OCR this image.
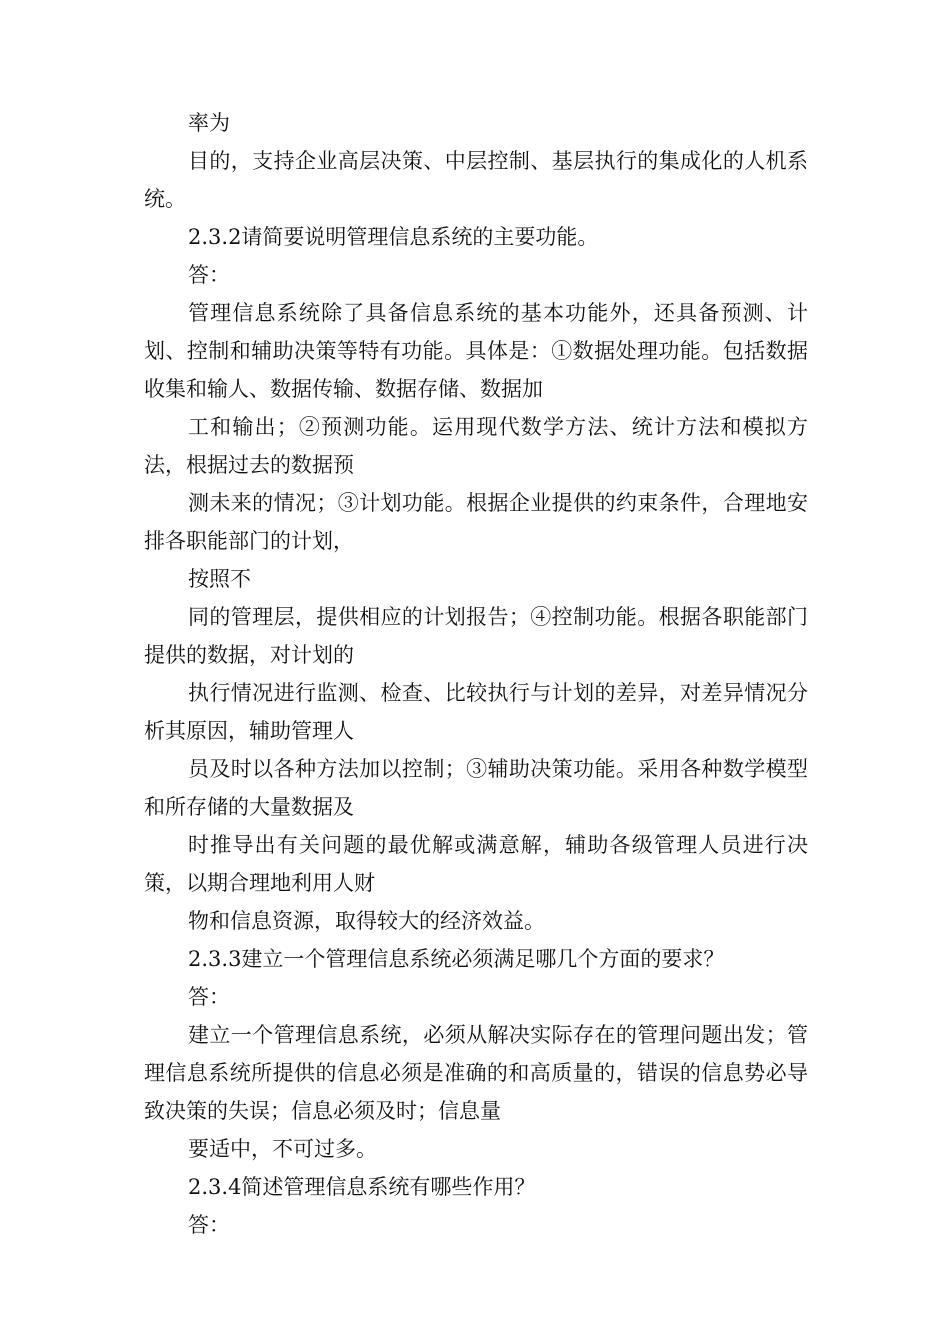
率为

目的，支持企业高层决策、中层控制、基层执行的集成化的人机系统。

2.3.2请简要说明管理信息系统的主要功能。

答：

管理信息系统除了具备信息系统的基本功能外，还具备预测、计划、控制和辅助决策等特有功能。具体是：①数据处理功能。包括数据收集和输人、数据传输、数据存储、数据加

工和输出；②预测功能。运用现代数学方法、统计方法和模拟方法，根据过去的数据预

测未来的情况；③计划功能。根据企业提供的约束条件，合理地安排各职能部门的计划，

按照不

同的管理层，提供相应的计划报告；④控制功能。根据各职能部门提供的数据，对计划的

执行情况进行监测、检查、比较执行与计划的差异，对差异情况分析其原因，辅助管理人

员及时以各种方法加以控制；③辅助决策功能。采用各种数学模型和所存储的大量数据及

时推导出有关问题的最优解或满意解，辅助各级管理人员进行决策，以期合理地利用人财

物和信息资源，取得较大的经济效益。

2.3.3建立一个管理信息系统必须满足哪几个方面的要求？

答：

建立一个管理信息系统，必须从解决实际存在的管理问题出发；管理信息系统所提供的信息必须是准确的和高质量的，错误的信息势必导致决策的失误；信息必须及时；信息量

要适中，不可过多。

2.3.4简述管理信息系统有哪些作用？

答：
